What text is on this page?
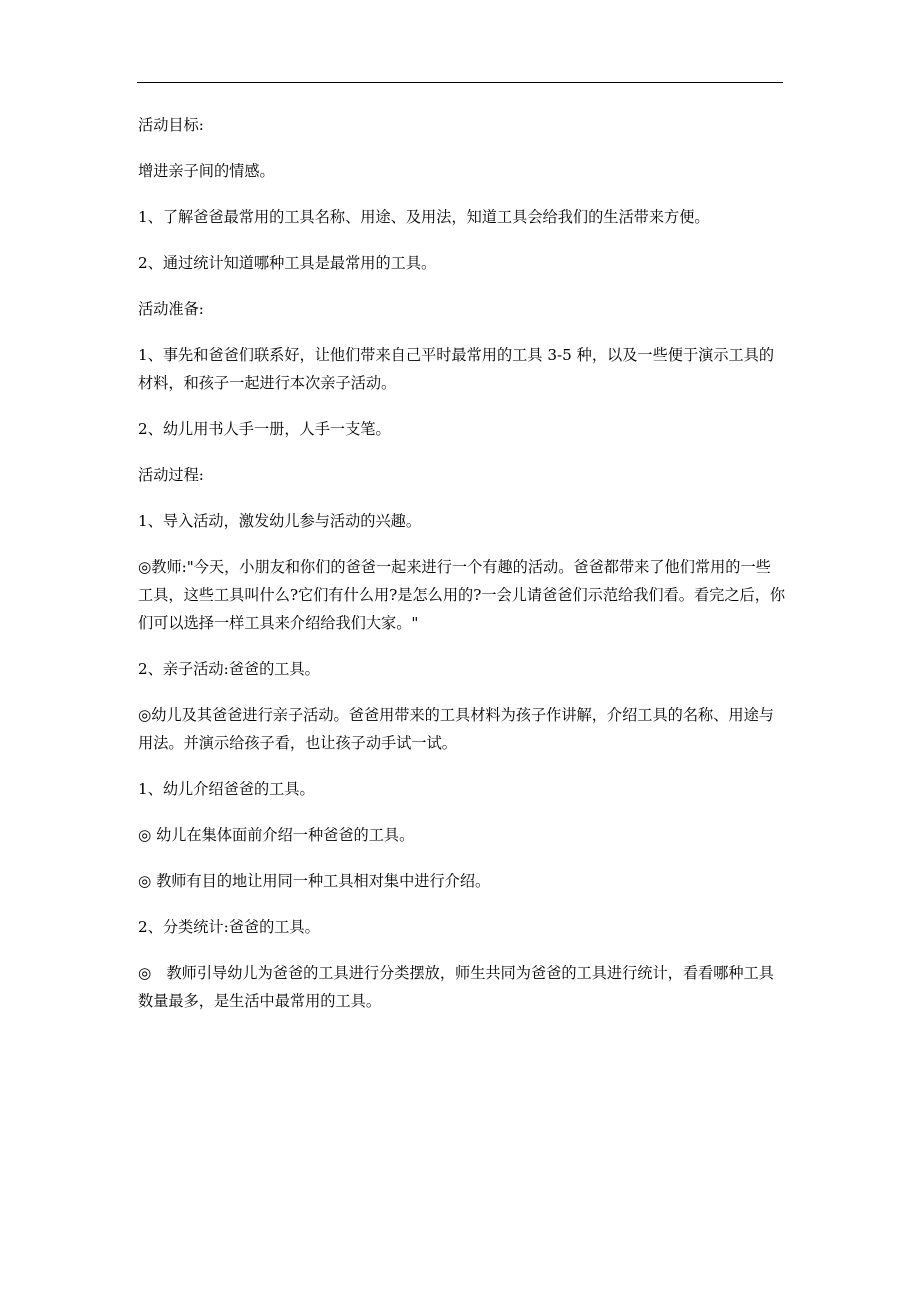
活动目标:

增进亲子间的情感。

1、了解爸爸最常用的工具名称、用途、及用法，知道工具会给我们的生活带来方便。

2、通过统计知道哪种工具是最常用的工具。

活动准备:

1、事先和爸爸们联系好，让他们带来自己平时最常用的工具 3-5 种，以及一些便于演示工具的材料，和孩子一起进行本次亲子活动。

2、幼儿用书人手一册，人手一支笔。

活动过程:

1、导入活动，激发幼儿参与活动的兴趣。

◎教师:"今天，小朋友和你们的爸爸一起来进行一个有趣的活动。爸爸都带来了他们常用的一些工具，这些工具叫什么?它们有什么用?是怎么用的?一会儿请爸爸们示范给我们看。看完之后，你们可以选择一样工具来介绍给我们大家。"

2、亲子活动:爸爸的工具。

◎幼儿及其爸爸进行亲子活动。爸爸用带来的工具材料为孩子作讲解，介绍工具的名称、用途与用法。并演示给孩子看，也让孩子动手试一试。

1、幼儿介绍爸爸的工具。

◎ 幼儿在集体面前介绍一种爸爸的工具。

◎ 教师有目的地让用同一种工具相对集中进行介绍。

2、分类统计:爸爸的工具。

◎　教师引导幼儿为爸爸的工具进行分类摆放，师生共同为爸爸的工具进行统计，看看哪种工具数量最多，是生活中最常用的工具。
